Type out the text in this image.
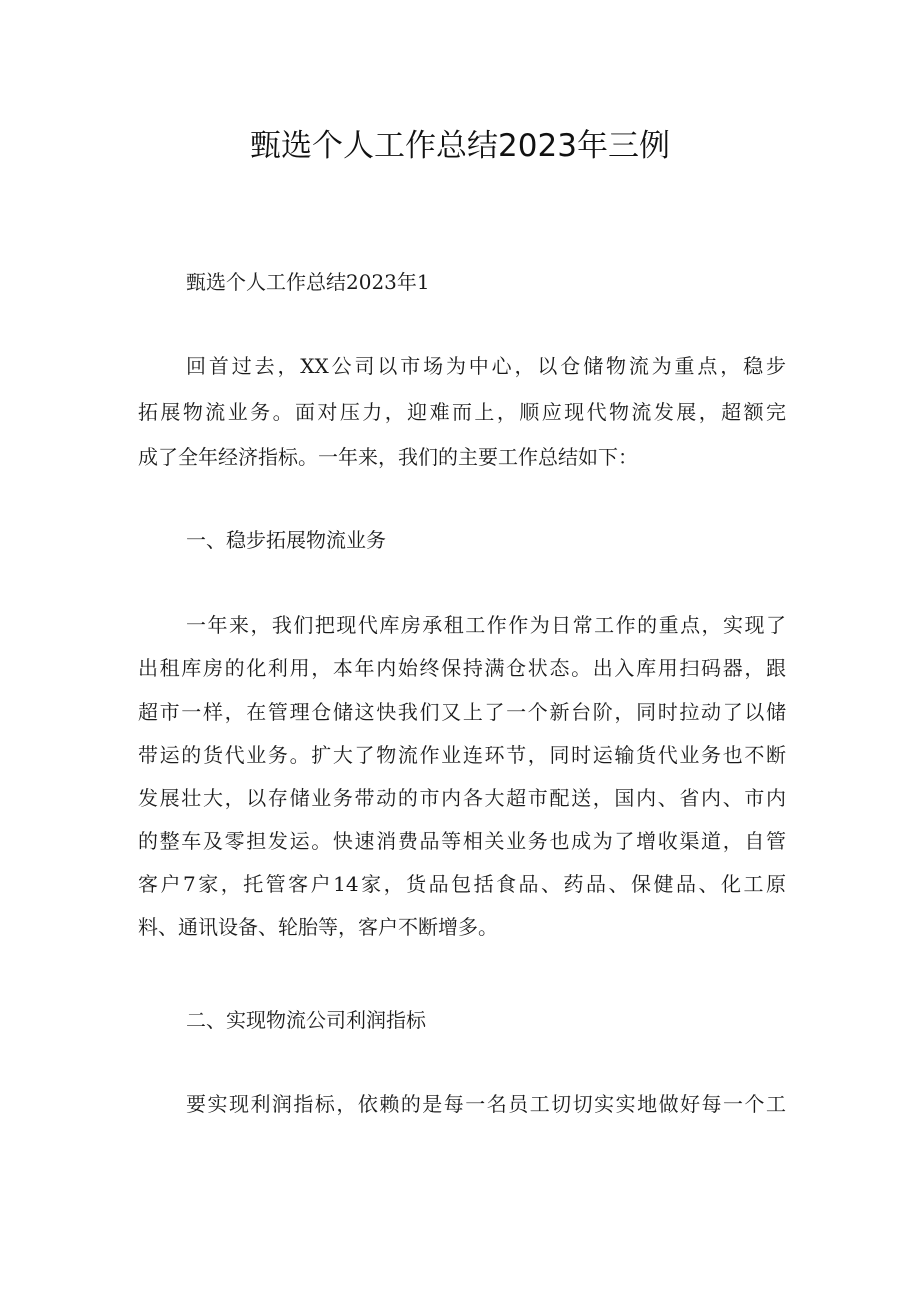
甄选个人工作总结2023年三例
甄选个人工作总结2023年1
回首过去，XX公司以市场为中心，以仓储物流为重点，稳步
拓展物流业务。面对压力，迎难而上，顺应现代物流发展，超额完
成了全年经济指标。一年来，我们的主要工作总结如下：
一、稳步拓展物流业务
一年来，我们把现代库房承租工作作为日常工作的重点，实现了
出租库房的化利用，本年内始终保持满仓状态。出入库用扫码器，跟
超市一样，在管理仓储这快我们又上了一个新台阶，同时拉动了以储
带运的货代业务。扩大了物流作业连环节，同时运输货代业务也不断
发展壮大，以存储业务带动的市内各大超市配送，国内、省内、市内
的整车及零担发运。快速消费品等相关业务也成为了增收渠道，自管
客户7家，托管客户14家，货品包括食品、药品、保健品、化工原
料、通讯设备、轮胎等，客户不断增多。
二、实现物流公司利润指标
要实现利润指标，依赖的是每一名员工切切实实地做好每一个工
